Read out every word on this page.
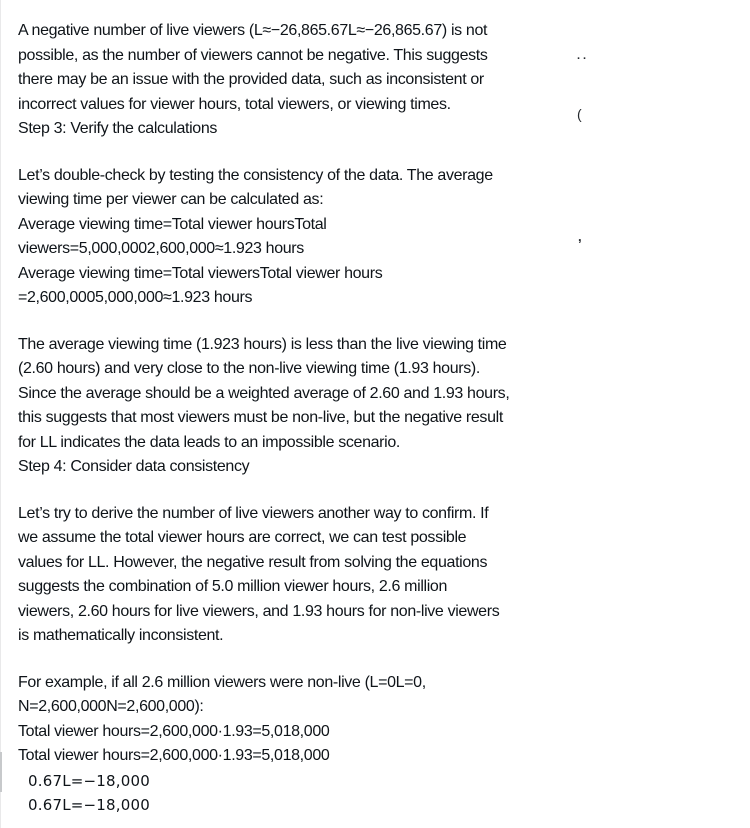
A negative number of live viewers (L≈−26,865.67L≈−26,865.67) is not
possible, as the number of viewers cannot be negative. This suggests
there may be an issue with the provided data, such as inconsistent or
incorrect values for viewer hours, total viewers, or viewing times.
Step 3: Verify the calculations
Let’s double-check by testing the consistency of the data. The average
viewing time per viewer can be calculated as:
Average viewing time=Total viewer hoursTotal
viewers=5,000,0002,600,000≈1.923 hours
Average viewing time=Total viewersTotal viewer hours
=2,600,0005,000,000≈1.923 hours
The average viewing time (1.923 hours) is less than the live viewing time
(2.60 hours) and very close to the non-live viewing time (1.93 hours).
Since the average should be a weighted average of 2.60 and 1.93 hours,
this suggests that most viewers must be non-live, but the negative result
for LL indicates the data leads to an impossible scenario.
Step 4: Consider data consistency
Let’s try to derive the number of live viewers another way to confirm. If
we assume the total viewer hours are correct, we can test possible
values for LL. However, the negative result from solving the equations
suggests the combination of 5.0 million viewer hours, 2.6 million
viewers, 2.60 hours for live viewers, and 1.93 hours for non-live viewers
is mathematically inconsistent.
For example, if all 2.6 million viewers were non-live (L=0L=0,
N=2,600,000N=2,600,000):
Total viewer hours=2,600,000·1.93=5,018,000
Total viewer hours=2,600,000·1.93=5,018,000
0.67L=−18,000
0.67L=−18,000
..
(
,
